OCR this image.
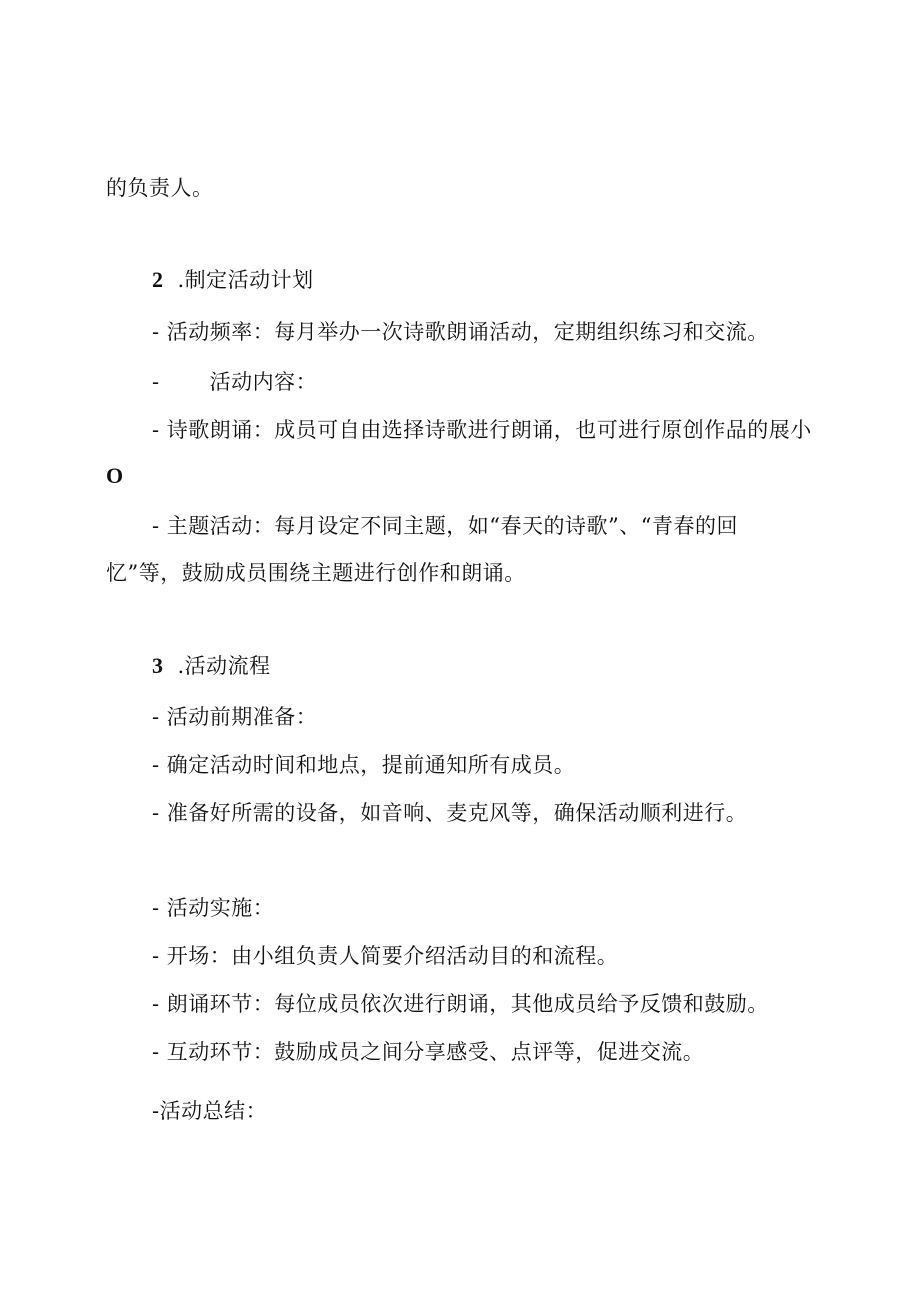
的负责人。
2 .制定活动计划
- 活动频率：每月举办一次诗歌朗诵活动，定期组织练习和交流。
- 活动内容：
- 诗歌朗诵：成员可自由选择诗歌进行朗诵，也可进行原创作品的展小
O
- 主题活动：每月设定不同主题，如“春天的诗歌”、“青春的回
忆”等，鼓励成员围绕主题进行创作和朗诵。
3 .活动流程
- 活动前期准备：
- 确定活动时间和地点，提前通知所有成员。
- 准备好所需的设备，如音响、麦克风等，确保活动顺利进行。
- 活动实施：
- 开场：由小组负责人简要介绍活动目的和流程。
- 朗诵环节：每位成员依次进行朗诵，其他成员给予反馈和鼓励。
- 互动环节：鼓励成员之间分享感受、点评等，促进交流。
-活动总结：
